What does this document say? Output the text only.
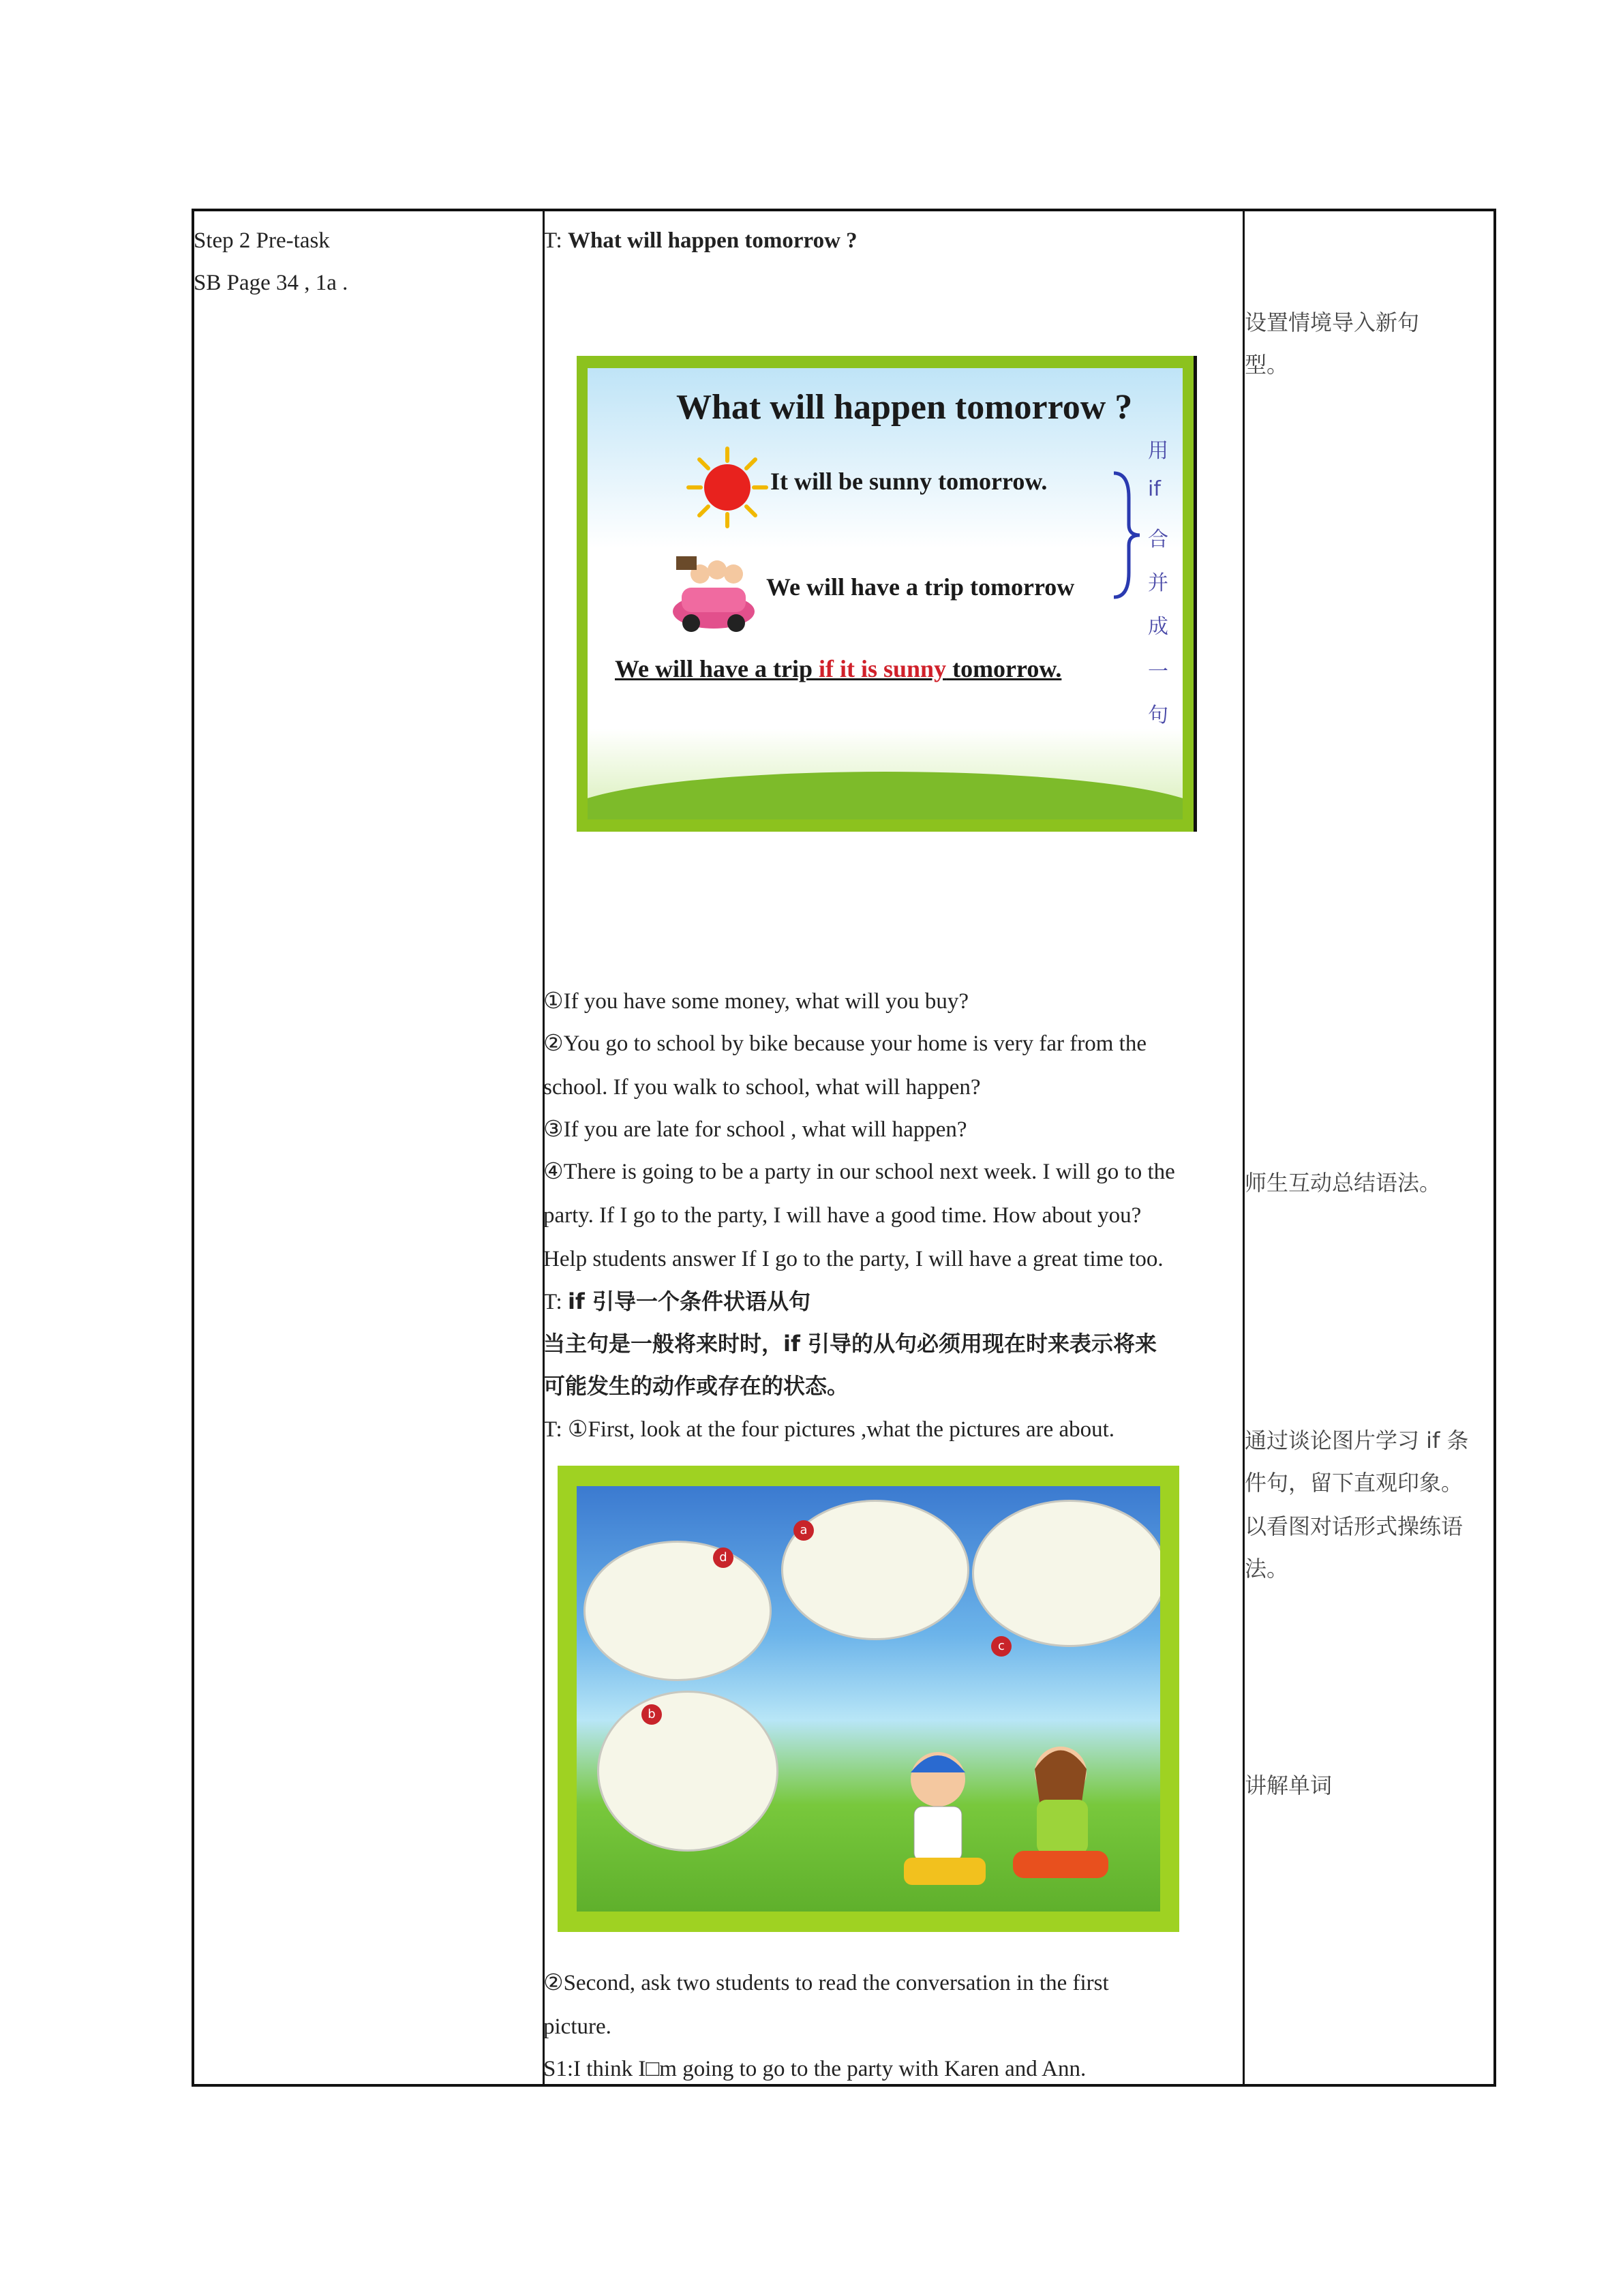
Step 2 Pre-task
SB Page 34 , 1a .
T: What will happen tomorrow ?
What will happen tomorrow ?
It will be sunny tomorrow.
We will have a trip tomorrow
We will have a trip if it is sunny tomorrow.
用
if
合
并
成
一
句
①If you have some money, what will you buy?
②You go to school by bike because your home is very far from the
school. If you walk to school, what will happen?
③If you are late for school , what will happen?
④There is going to be a party in our school next week. I will go to the
party. If I go to the party, I will have a good time. How about you?
Help students answer If I go to the party, I will have a great time too.
T: if 引导一个条件状语从句
当主句是一般将来时时，if 引导的从句必须用现在时来表示将来
可能发生的动作或存在的状态。
T: ①First, look at the four pictures ,what the pictures are about.
d
a
c
b
②Second, ask two students to read the conversation in the first
picture.
S1:I think I□m going to go to the party with Karen and Ann.
设置情境导入新句
型。
师生互动总结语法。
通过谈论图片学习 if 条
件句，留下直观印象。
以看图对话形式操练语
法。
讲解单词
